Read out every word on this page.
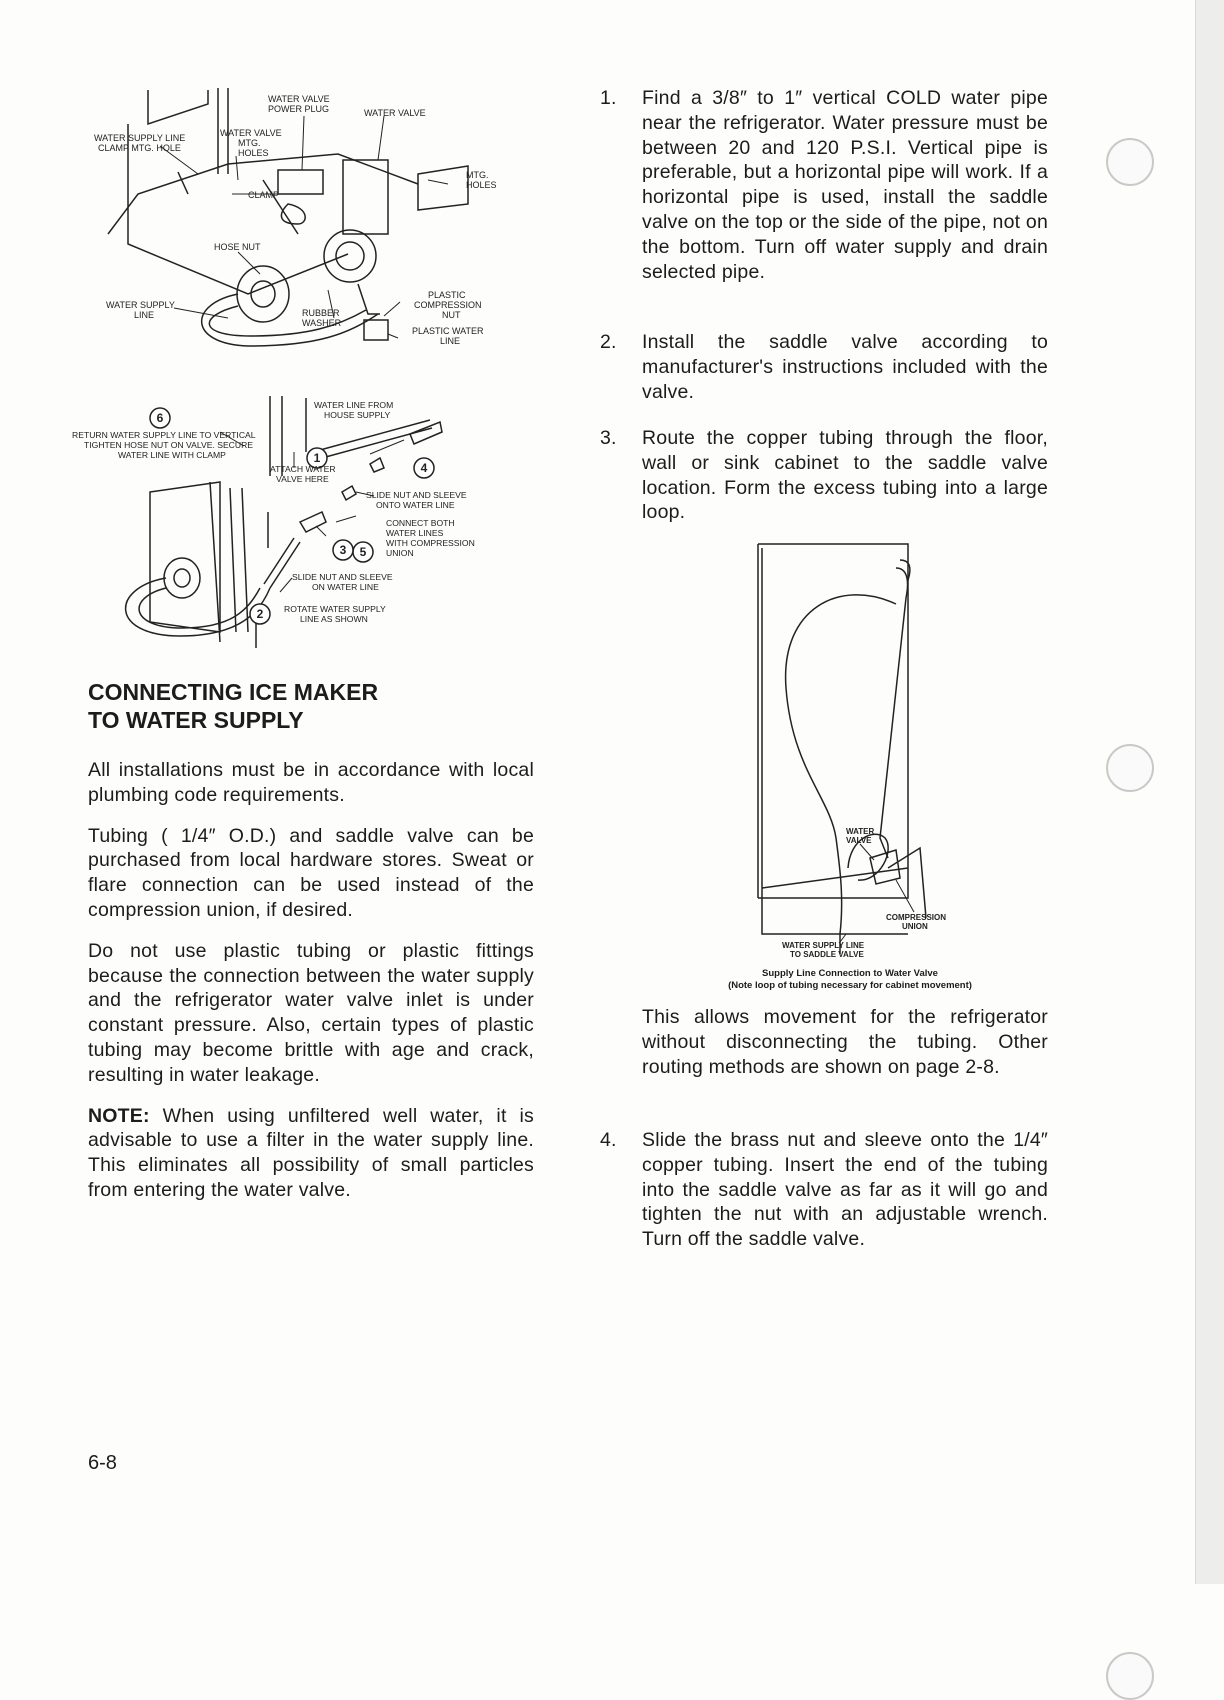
WATER VALVE
POWER PLUG	WATER VALVE
WATER SUPPLY LINE
CLAMP MTG. HOLE
WATER VALVE
MTG.
HOLES
MTG.
HOLES
CLAMP
HOSE NUT
WATER SUPPLY
LINE
PLASTIC
COMPRESSION
NUT
RUBBER
WASHER
PLASTIC WATER
LINE
6
1
4
5
3
2
WATER LINE FROM
HOUSE SUPPLY
RETURN WATER SUPPLY LINE TO VERTICAL
TIGHTEN HOSE NUT ON VALVE. SECURE
WATER LINE WITH CLAMP
ATTACH WATER
VALVE HERE
SLIDE NUT AND SLEEVE
ONTO WATER LINE
CONNECT BOTH
WATER LINES
WITH COMPRESSION
UNION
SLIDE NUT AND SLEEVE
ON WATER LINE
ROTATE WATER SUPPLY
LINE AS SHOWN
CONNECTING ICE MAKER
TO WATER SUPPLY

All installations must be in accordance with local plumbing code requirements.

Tubing ( 1/4″ O.D.) and saddle valve can be purchased from local hardware stores. Sweat or flare connection can be used instead of the compression union, if desired.

Do not use plastic tubing or plastic fittings because the connection between the water supply and the refrigerator water valve inlet is under constant pressure. Also, certain types of plastic tubing may become brittle with age and crack, resulting in water leakage.

NOTE: When using unfiltered well water, it is advisable to use a filter in the water supply line. This eliminates all possibility of small particles from entering the water valve.

1. Find a 3/8″ to 1″ vertical COLD water pipe near the refrigerator. Water pressure must be between 20 and 120 P.S.I. Vertical pipe is preferable, but a horizontal pipe will work. If a horizontal pipe is used, install the saddle valve on the top or the side of the pipe, not on the bottom. Turn off water supply and drain selected pipe.
2. Install the saddle valve according to manufacturer's instructions included with the valve.
3. Route the copper tubing through the floor, wall or sink cabinet to the saddle valve location. Form the excess tubing into a large loop.
WATER
VALVE
COMPRESSION
UNION
WATER SUPPLY LINE
TO SADDLE VALVE
Supply Line Connection to Water Valve
(Note loop of tubing necessary for cabinet movement)
This allows movement for the refrigerator without disconnecting the tubing. Other routing methods are shown on page 2-8.
4. Slide the brass nut and sleeve onto the 1/4″ copper tubing. Insert the end of the tubing into the saddle valve as far as it will go and tighten the nut with an adjustable wrench. Turn off the saddle valve.
6-8
